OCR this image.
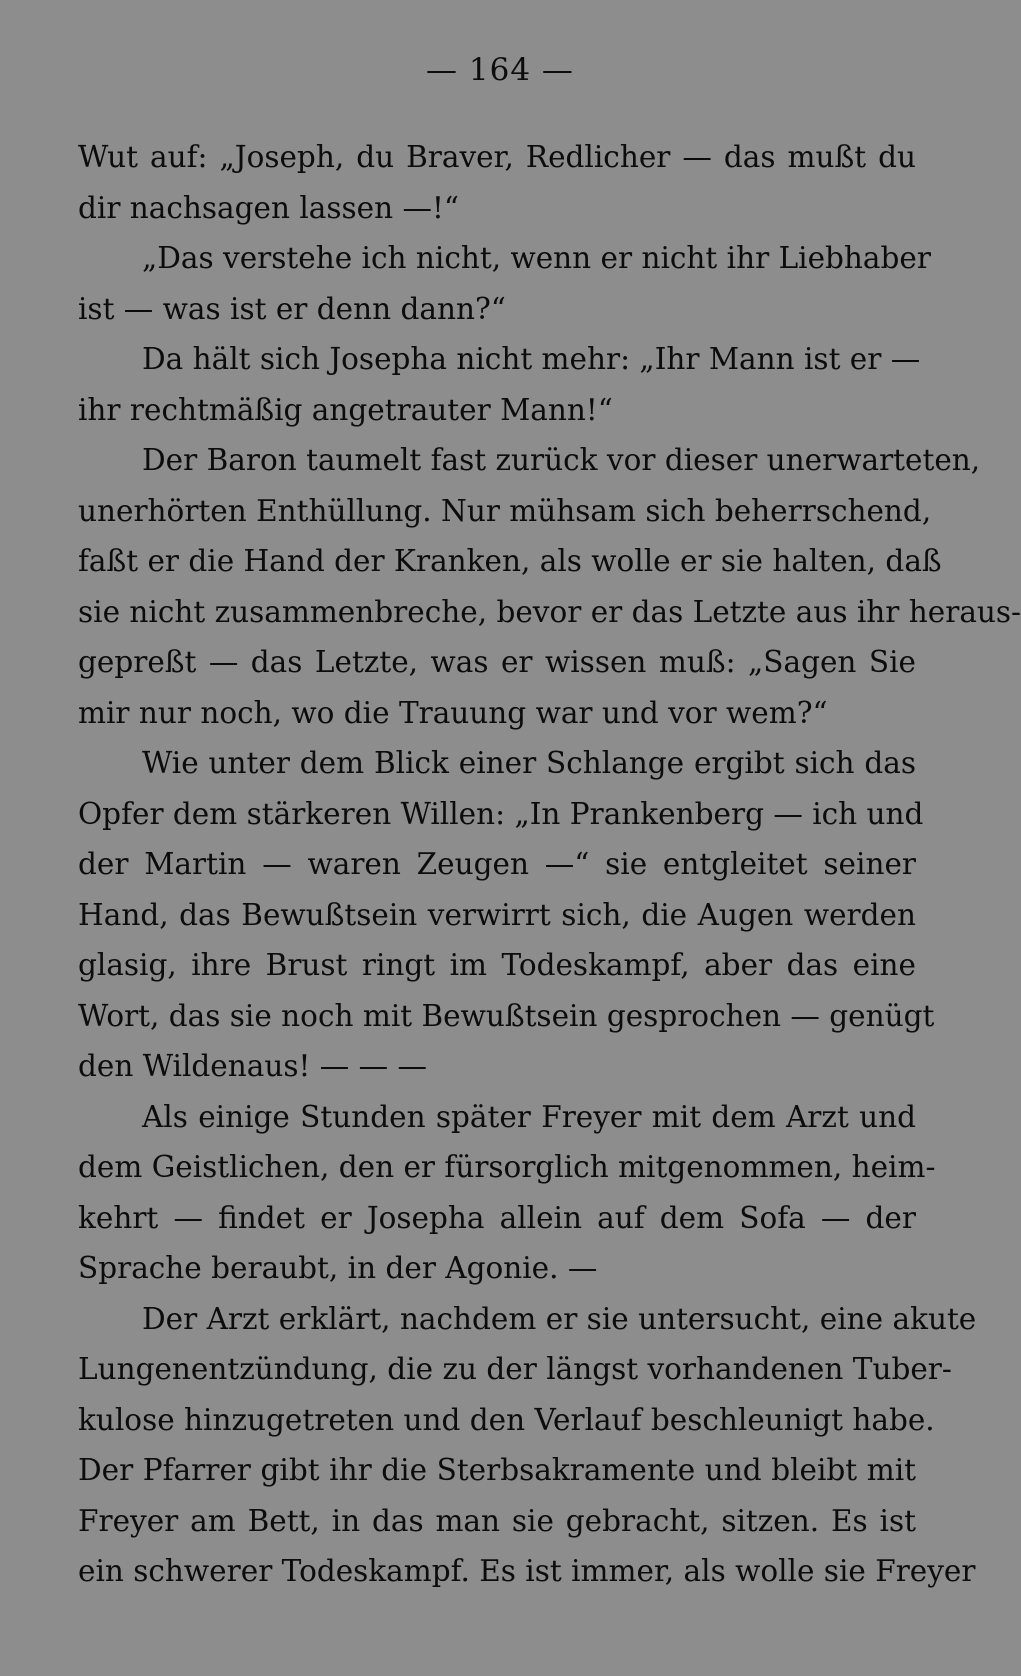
— 164 —
Wut auf: „Joseph, du Braver, Redlicher — das mußt du
dir nachsagen lassen —!“
„Das verstehe ich nicht, wenn er nicht ihr Liebhaber
ist — was ist er denn dann?“
Da hält sich Josepha nicht mehr: „Ihr Mann ist er —
ihr rechtmäßig angetrauter Mann!“
Der Baron taumelt fast zurück vor dieser unerwarteten,
unerhörten Enthüllung. Nur mühsam sich beherrschend,
faßt er die Hand der Kranken, als wolle er sie halten, daß
sie nicht zusammenbreche, bevor er das Letzte aus ihr heraus-
gepreßt — das Letzte, was er wissen muß: „Sagen Sie
mir nur noch, wo die Trauung war und vor wem?“
Wie unter dem Blick einer Schlange ergibt sich das
Opfer dem stärkeren Willen: „In Prankenberg — ich und
der Martin — waren Zeugen —“ sie entgleitet seiner
Hand, das Bewußtsein verwirrt sich, die Augen werden
glasig, ihre Brust ringt im Todeskampf, aber das eine
Wort, das sie noch mit Bewußtsein gesprochen — genügt
den Wildenaus! — — —
Als einige Stunden später Freyer mit dem Arzt und
dem Geistlichen, den er fürsorglich mitgenommen, heim-
kehrt — findet er Josepha allein auf dem Sofa — der
Sprache beraubt, in der Agonie. —
Der Arzt erklärt, nachdem er sie untersucht, eine akute
Lungenentzündung, die zu der längst vorhandenen Tuber-
kulose hinzugetreten und den Verlauf beschleunigt habe.
Der Pfarrer gibt ihr die Sterbsakramente und bleibt mit
Freyer am Bett, in das man sie gebracht, sitzen. Es ist
ein schwerer Todeskampf. Es ist immer, als wolle sie Freyer
